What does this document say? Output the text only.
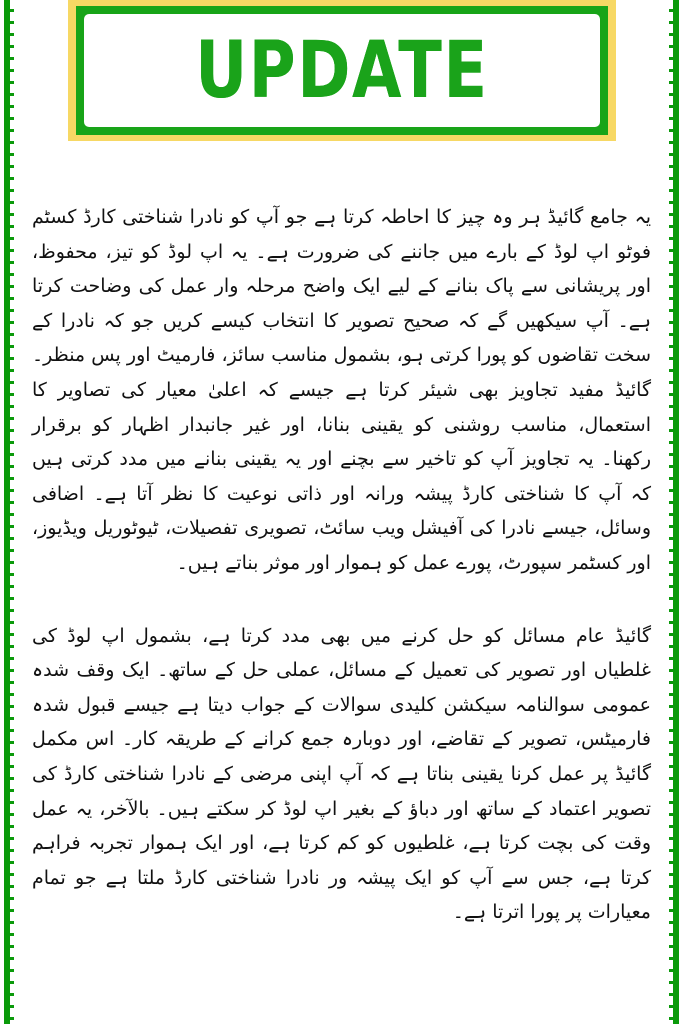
UPDATE

یہ جامع گائیڈ ہر وہ چیز کا احاطہ کرتا ہے جو آپ کو نادرا شناختی کارڈ کسٹم فوٹو اپ لوڈ کے بارے میں جاننے کی ضرورت ہے۔ یہ اپ لوڈ کو تیز، محفوظ، اور پریشانی سے پاک بنانے کے لیے ایک واضح مرحلہ وار عمل کی وضاحت کرتا ہے۔ آپ سیکھیں گے کہ صحیح تصویر کا انتخاب کیسے کریں جو کہ نادرا کے سخت تقاضوں کو پورا کرتی ہو، بشمول مناسب سائز، فارمیٹ اور پس منظر۔ گائیڈ مفید تجاویز بھی شیئر کرتا ہے جیسے کہ اعلیٰ معیار کی تصاویر کا استعمال، مناسب روشنی کو یقینی بنانا، اور غیر جانبدار اظہار کو برقرار رکھنا۔ یہ تجاویز آپ کو تاخیر سے بچنے اور یہ یقینی بنانے میں مدد کرتی ہیں کہ آپ کا شناختی کارڈ پیشہ ورانہ اور ذاتی نوعیت کا نظر آتا ہے۔ اضافی وسائل، جیسے نادرا کی آفیشل ویب سائٹ، تصویری تفصیلات، ٹیوٹوریل ویڈیوز، اور کسٹمر سپورٹ، پورے عمل کو ہموار اور موثر بناتے ہیں۔

گائیڈ عام مسائل کو حل کرنے میں بھی مدد کرتا ہے، بشمول اپ لوڈ کی غلطیاں اور تصویر کی تعمیل کے مسائل، عملی حل کے ساتھ۔ ایک وقف شدہ عمومی سوالنامہ سیکشن کلیدی سوالات کے جواب دیتا ہے جیسے قبول شدہ فارمیٹس، تصویر کے تقاضے، اور دوبارہ جمع کرانے کے طریقہ کار۔ اس مکمل گائیڈ پر عمل کرنا یقینی بناتا ہے کہ آپ اپنی مرضی کے نادرا شناختی کارڈ کی تصویر اعتماد کے ساتھ اور دباؤ کے بغیر اپ لوڈ کر سکتے ہیں۔ بالآخر، یہ عمل وقت کی بچت کرتا ہے، غلطیوں کو کم کرتا ہے، اور ایک ہموار تجربہ فراہم کرتا ہے، جس سے آپ کو ایک پیشہ ور نادرا شناختی کارڈ ملتا ہے جو تمام معیارات پر پورا اترتا ہے۔
